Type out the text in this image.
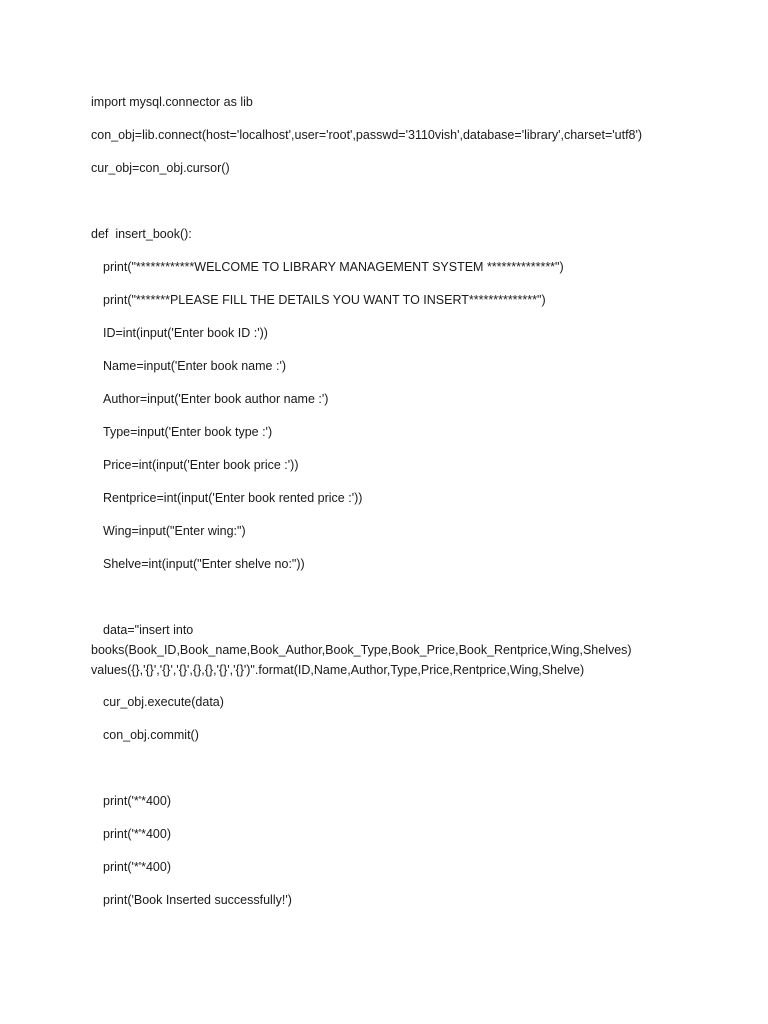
import mysql.connector as lib

con_obj=lib.connect(host='localhost',user='root',passwd='3110vish',database='library',charset='utf8')

cur_obj=con_obj.cursor()

def  insert_book():

print("************WELCOME TO LIBRARY MANAGEMENT SYSTEM **************")

print("*******PLEASE FILL THE DETAILS YOU WANT TO INSERT**************")

ID=int(input('Enter book ID :'))

Name=input('Enter book name :')

Author=input('Enter book author name :')

Type=input('Enter book type :')

Price=int(input('Enter book price :'))

Rentprice=int(input('Enter book rented price :'))

Wing=input("Enter wing:")

Shelve=int(input("Enter shelve no:"))

data="insert into

books(Book_ID,Book_name,Book_Author,Book_Type,Book_Price,Book_Rentprice,Wing,Shelves)

values({},'{}','{}','{}',{},{},'{}','{}')".format(ID,Name,Author,Type,Price,Rentprice,Wing,Shelve)

cur_obj.execute(data)

con_obj.commit()

print('*'*400)

print('*'*400)

print('*'*400)

print('Book Inserted successfully!')
